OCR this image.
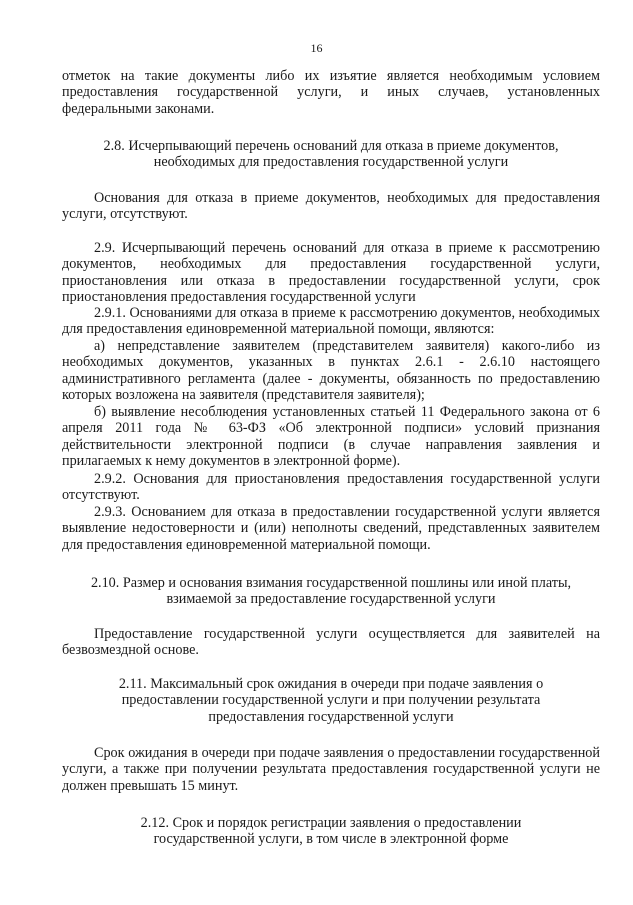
16

отметок на такие документы либо их изъятие является необходимым условием предоставления государственной услуги, и иных случаев, установленных федеральными законами.

2.8. Исчерпывающий перечень оснований для отказа в приеме документов,
необходимых для предоставления государственной услуги

Основания для отказа в приеме документов, необходимых для предоставления услуги, отсутствуют.

2.9. Исчерпывающий перечень оснований для отказа в приеме к рассмотрению документов, необходимых для предоставления государственной услуги, приостановления или отказа в предоставлении государственной услуги, срок приостановления предоставления государственной услуги

2.9.1. Основаниями для отказа в приеме к рассмотрению документов, необходимых для предоставления единовременной материальной помощи, являются:

а) непредставление заявителем (представителем заявителя) какого-либо из необходимых документов, указанных в пунктах 2.6.1 - 2.6.10 настоящего административного регламента (далее - документы, обязанность по предоставлению которых возложена на заявителя (представителя заявителя);

б) выявление несоблюдения установленных статьей 11 Федерального закона от 6 апреля 2011 года № 63-ФЗ «Об электронной подписи» условий признания действительности электронной подписи (в случае направления заявления и прилагаемых к нему документов в электронной форме).

2.9.2. Основания для приостановления предоставления государственной услуги отсутствуют.

2.9.3. Основанием для отказа в предоставлении государственной услуги является выявление недостоверности и (или) неполноты сведений, представленных заявителем для предоставления единовременной материальной помощи.

2.10. Размер и основания взимания государственной пошлины или иной платы,
взимаемой за предоставление государственной услуги

Предоставление государственной услуги осуществляется для заявителей на безвозмездной основе.

2.11. Максимальный срок ожидания в очереди при подаче заявления о
предоставлении государственной услуги и при получении результата
предоставления государственной услуги

Срок ожидания в очереди при подаче заявления о предоставлении государственной услуги, а также при получении результата предоставления государственной услуги не должен превышать 15 минут.

2.12. Срок и порядок регистрации заявления о предоставлении
государственной услуги, в том числе в электронной форме
